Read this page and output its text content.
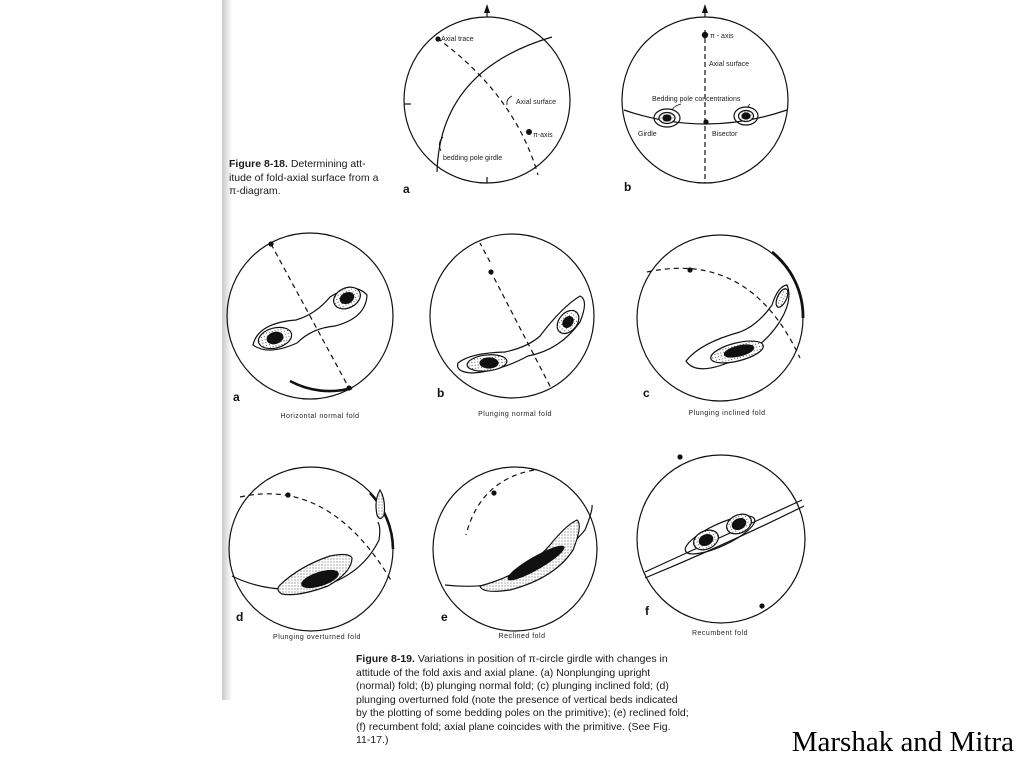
Axial trace
Axial surface
π-axis
bedding pole girdle
π - axis
Axial surface
Bedding pole concentrations
Girdle	Bisector

Figure 8-18. Determining att-
itude of fold-axial surface from a
π-diagram.	a	b
a	b	c
d	e	f
Horizontal normal fold	Plunging normal fold	Plunging inclined fold
Plunging overturned fold	Reclined fold	Recumbent fold

Figure 8-19. Variations in position of π-circle girdle with changes in
attitude of the fold axis and axial plane. (a) Nonplunging upright
(normal) fold; (b) plunging normal fold; (c) plunging inclined fold; (d)
plunging overturned fold (note the presence of vertical beds indicated
by the plotting of some bedding poles on the primitive); (e) reclined fold;
(f) recumbent fold; axial plane coincides with the primitive. (See Fig.
11-17.)	Marshak and Mitra
